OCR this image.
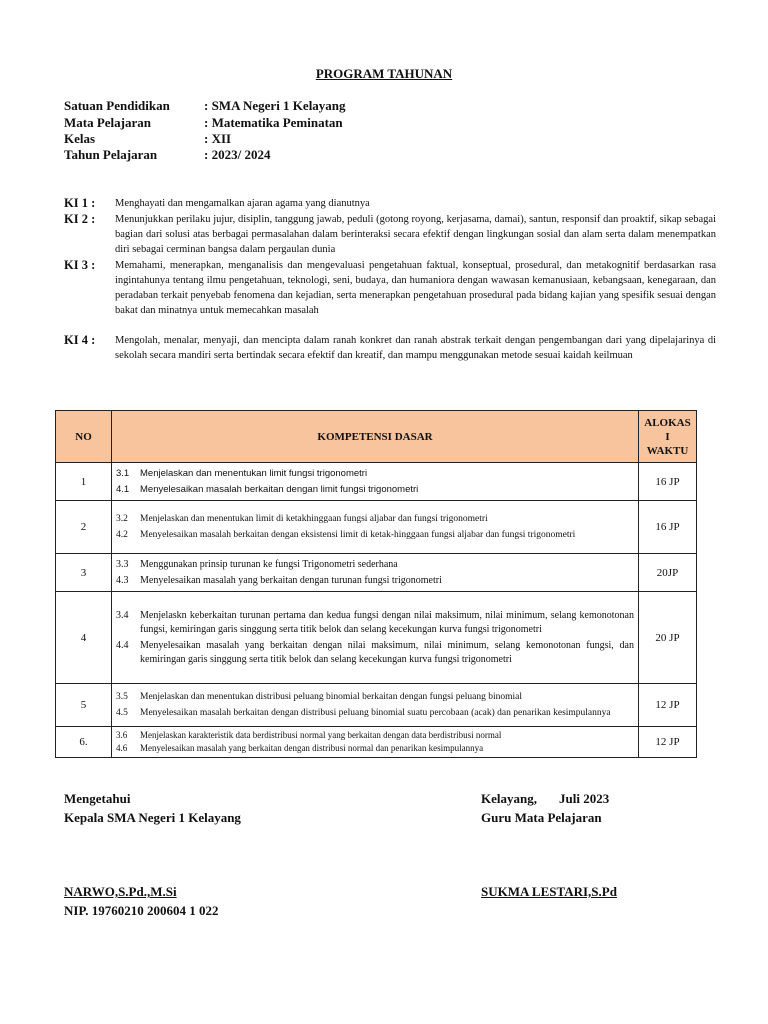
PROGRAM TAHUNAN
Satuan Pendidikan	: SMA Negeri 1 Kelayang
Mata Pelajaran	: Matematika Peminatan
Kelas	: XII
Tahun Pelajaran	: 2023/ 2024
KI 1 : Menghayati dan mengamalkan ajaran agama yang dianutnya
KI 2 : Menunjukkan perilaku jujur, disiplin, tanggung jawab, peduli (gotong royong, kerjasama, damai), santun, responsif dan proaktif, sikap sebagai bagian dari solusi atas berbagai permasalahan dalam berinteraksi secara efektif dengan lingkungan sosial dan alam serta dalam menempatkan diri sebagai cerminan bangsa dalam pergaulan dunia
KI 3 : Memahami, menerapkan, menganalisis dan mengevaluasi pengetahuan faktual, konseptual, prosedural, dan metakognitif berdasarkan rasa ingintahunya tentang ilmu pengetahuan, teknologi, seni, budaya, dan humaniora dengan wawasan kemanusiaan, kebangsaan, kenegaraan, dan peradaban terkait penyebab fenomena dan kejadian, serta menerapkan pengetahuan prosedural pada bidang kajian yang spesifik sesuai dengan bakat dan minatnya untuk memecahkan masalah
KI 4 : Mengolah, menalar, menyaji, dan mencipta dalam ranah konkret dan ranah abstrak terkait dengan pengembangan dari yang dipelajarinya di sekolah secara mandiri serta bertindak secara efektif dan kreatif, dan mampu menggunakan metode sesuai kaidah keilmuan
NO	KOMPETENSI DASAR	ALOKAS
I
WAKTU
1	3.1 Menjelaskan dan menentukan limit fungsi trigonometri
4.1 Menyelesaikan masalah berkaitan dengan limit fungsi trigonometri	16 JP
2	3.2 Menjelaskan dan menentukan limit di ketakhinggaan fungsi aljabar dan fungsi trigonometri
4.2 Menyelesaikan masalah berkaitan dengan eksistensi limit di ketak-hinggaan fungsi aljabar dan fungsi trigonometri	16 JP
3	3.3 Menggunakan prinsip turunan ke fungsi Trigonometri sederhana
4.3 Menyelesaikan masalah yang berkaitan dengan turunan fungsi trigonometri	20JP
4	3.4 Menjelaskn keberkaitan turunan pertama dan kedua fungsi dengan nilai maksimum, nilai minimum, selang kemonotonan fungsi, kemiringan garis singgung serta titik belok dan selang kecekungan kurva fungsi trigonometri
4.4 Menyelesaikan masalah yang berkaitan dengan nilai maksimum, nilai minimum, selang kemonotonan fungsi, dan kemiringan garis singgung serta titik belok dan selang kecekungan kurva fungsi trigonometri	20 JP
5	3.5 Menjelaskan dan menentukan distribusi peluang binomial berkaitan dengan fungsi peluang binomial
4.5 Menyelesaikan masalah berkaitan dengan distribusi peluang binomial suatu percobaan (acak) dan penarikan kesimpulannya	12 JP
6.	3.6 Menjelaskan karakteristik data berdistribusi normal yang berkaitan dengan data berdistribusi normal
4.6 Menyelesaikan masalah yang berkaitan dengan distribusi normal dan penarikan kesimpulannya	12 JP
Mengetahui
Kepala SMA Negeri 1 Kelayang
Kelayang, Juli 2023
Guru Mata Pelajaran
NARWO,S.Pd.,M.Si
NIP. 19760210 200604 1 022
SUKMA LESTARI,S.Pd
